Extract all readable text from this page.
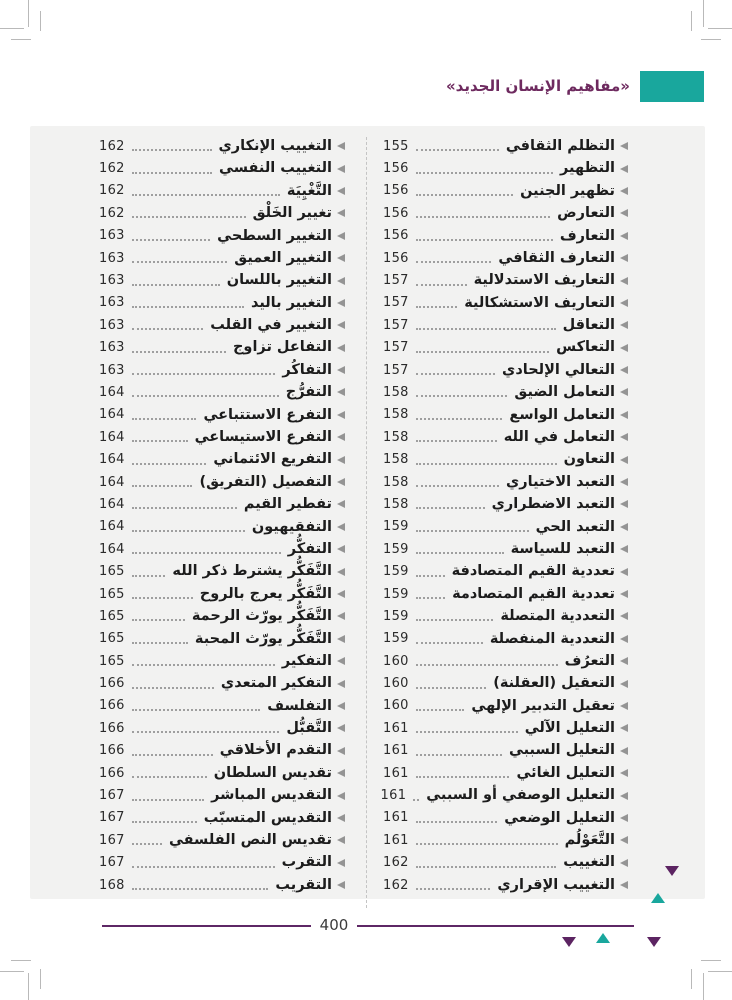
«مفاهيم الإنسان الجديد»
التظلم الثقافي
155
التظهير
156
تظهير الجنين
156
التعارض
156
التعارف
156
التعارف الثقافي
156
التعاريف الاستدلالية
157
التعاريف الاستشكالية
157
التعاقل
157
التعاكس
157
التعالي الإلحادي
157
التعامل الضيق
158
التعامل الواسع
158
التعامل في الله
158
التعاون
158
التعبد الاختياري
158
التعبد الاضطراري
158
التعبد الحي
159
التعبد للسياسة
159
تعددية القيم المتصادفة
159
تعددية القيم المتصادمة
159
التعددية المتصلة
159
التعددية المنفصلة
159
التعرُف
160
التعقيل (العقلنة)
160
تعقيل التدبير الإلهي
160
التعليل الآلي
161
التعليل السببي
161
التعليل الغائي
161
التعليل الوصفي أو السببي
161
التعليل الوضعي
161
التَّعَوْلُم
161
التغييب
162
التغييب الإقراري
162
التغييب الإنكاري
162
التغييب النفسي
162
التَّغْيِيَة
162
تغيير الخَلْق
162
التغيير السطحي
163
التغيير العميق
163
التغيير باللسان
163
التغيير باليد
163
التغيير في القلب
163
التفاعل تزاوج
163
التفاكُر
163
التفرُّج
164
التفرع الاستتباعي
164
التفرع الاستيساعي
164
التفريع الائتماني
164
التفصيل (التفريق)
164
تفطير القيم
164
التفقيهيون
164
التفكُّر
164
التَّفَكُّر يشترط ذكر الله
165
التَّفَكُّر يعرج بالروح
165
التَّفَكُّر يورّث الرحمة
165
التَّفَكُّر يورّث المحبة
165
التفكير
165
التفكير المتعدي
166
التفلسف
166
التَّقبُّل
166
التقدم الأخلاقي
166
تقديس السلطان
166
التقديس المباشر
167
التقديس المتسبّب
167
تقديس النص الفلسفي
167
التقرب
167
التقريب
168
400
